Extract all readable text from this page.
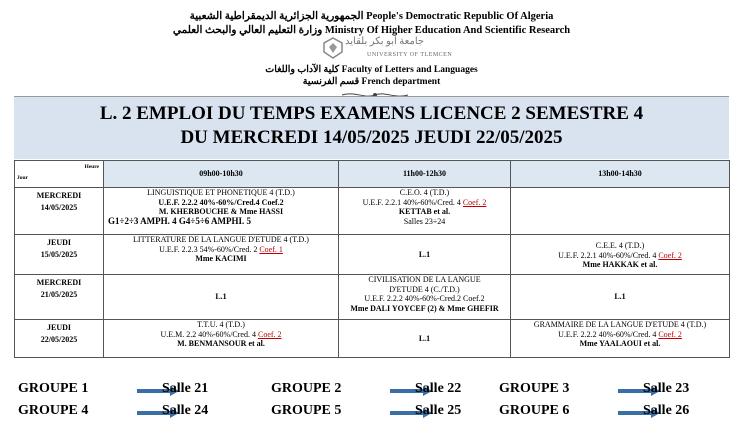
الجمهورية الجزائرية الديمقراطية الشعبية People's Democtratic Republic Of Algeria
وزارة التعليم العالي والبحث العلمي Ministry Of Higher Education And Scientific Research
جامعة أبو بكر بلقايد
UNIVERSITY OF TLEMCEN
كلية الآداب واللغات Faculty of Letters and Languages
قسم الفرنسية French department
L. 2 EMPLOI DU TEMPS EXAMENS LICENCE 2 SEMESTRE 4
DU MERCREDI 14/05/2025 JEUDI 22/05/2025
Heure
Jour	09h00-10h30	11h00-12h30	13h00-14h30

MERCREDI
14/05/2025	LINGUISTIQUE ET PHONETIQUE 4 (T.D.)
U.E.F. 2.2.2 40%-60%/Cred.4 Coef.2
M. KHERBOUCHE & Mme HASSI
G1÷2÷3 AMPH. 4 G4÷5÷6 AMPHI. 5	C.E.O. 4 (T.D.)
U.E.F. 2.2.1 40%-60%/Cred. 4 Coef. 2
KETTAB et al.
Salles 23÷24	

JEUDI
15/05/2025	LITTERATURE DE LA LANGUE D'ETUDE 4 (T.D.)
U.E.F. 2.2.3 54%-60%/Cred. 2 Coef. 1
Mme KACIMI	L.1	C.E.E. 4 (T.D.)
U.E.F. 2.2.1 40%-60%/Cred. 4 Coef. 2
Mme HAKKAK et al.

MERCREDI
21/05/2025	L.1	CIVILISATION DE LA LANGUE
D'ETUDE 4 (C./T.D.)
U.E.F. 2.2.2 40%-60%-Cred.2 Coef.2
Mme DALI YOYCEF (2) & Mme GHEFIR	L.1

JEUDI
22/05/2025	T.T.U. 4 (T.D.)
U.E.M. 2.2 40%-60%/Cred. 4 Coef. 2
M. BENMANSOUR et al.	L.1	GRAMMAIRE DE LA LANGUE D'ETUDE 4 (T.D.)
U.E.F. 2.2.2 40%-60%/Cred. 4 Coef. 2
Mme YAALAOUI et al.
GROUPE 1	Salle 21	GROUPE 2	Salle 22	GROUPE 3	Salle 23
GROUPE 4	Salle 24	GROUPE 5	Salle 25	GROUPE 6	Salle 26
